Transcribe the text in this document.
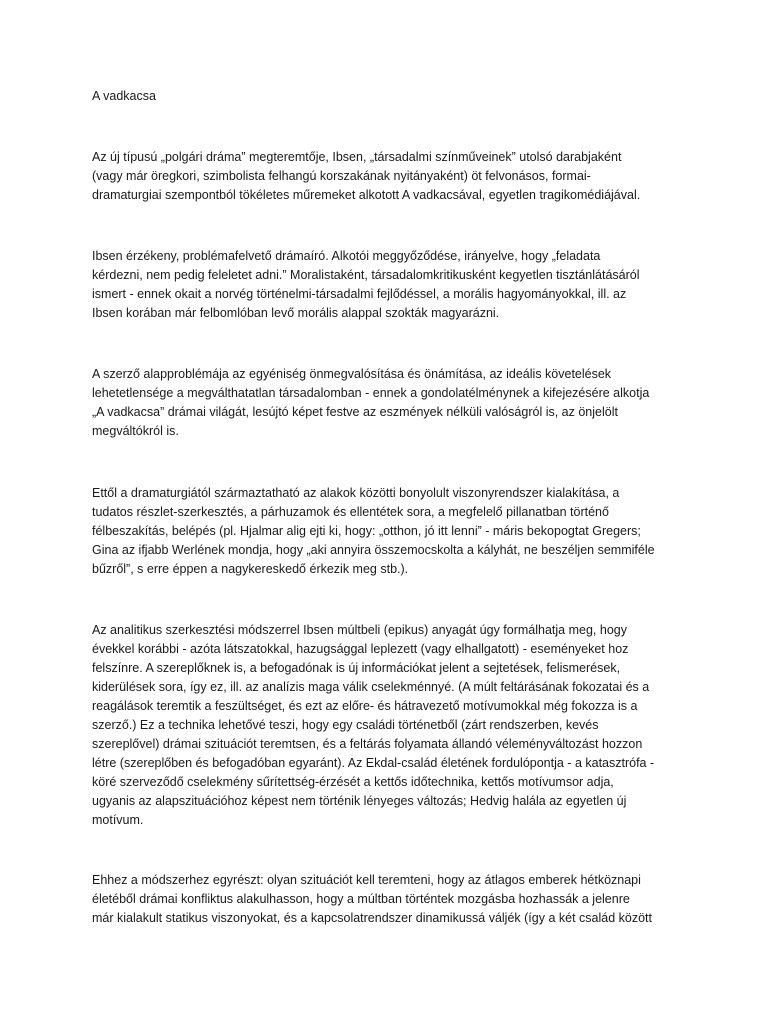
A vadkacsa

Az új típusú „polgári dráma” megteremtője, Ibsen, „társadalmi színműveinek” utolsó darabjaként
(vagy már öregkori, szimbolista felhangú korszakának nyitányaként) öt felvonásos, formai-
dramaturgiai szempontból tökéletes műremeket alkotott A vadkacsával, egyetlen tragikomédiájával.

Ibsen érzékeny, problémafelvető drámaíró. Alkotói meggyőződése, irányelve, hogy „feladata
kérdezni, nem pedig feleletet adni.” Moralistaként, társadalomkritikusként kegyetlen tisztánlátásáról
ismert - ennek okait a norvég történelmi-társadalmi fejlődéssel, a morális hagyományokkal, ill. az
Ibsen korában már felbomlóban levő morális alappal szokták magyarázni.

A szerző alapproblémája az egyéniség önmegvalósítása és önámítása, az ideális követelések
lehetetlensége a megválthatatlan társadalomban - ennek a gondolatélménynek a kifejezésére alkotja
„A vadkacsa” drámai világát, lesújtó képet festve az eszmények nélküli valóságról is, az önjelölt
megváltókról is.

Ettől a dramaturgiától származtatható az alakok közötti bonyolult viszonyrendszer kialakítása, a
tudatos részlet-szerkesztés, a párhuzamok és ellentétek sora, a megfelelő pillanatban történő
félbeszakítás, belépés (pl. Hjalmar alig ejti ki, hogy: „otthon, jó itt lenni” - máris bekopogtat Gregers;
Gina az ifjabb Werlének mondja, hogy „aki annyira összemocskolta a kályhát, ne beszéljen semmiféle
bűzről”, s erre éppen a nagykereskedő érkezik meg stb.).

Az analitikus szerkesztési módszerrel Ibsen múltbeli (epikus) anyagát úgy formálhatja meg, hogy
évekkel korábbi - azóta látszatokkal, hazugsággal leplezett (vagy elhallgatott) - eseményeket hoz
felszínre. A szereplőknek is, a befogadónak is új információkat jelent a sejtetések, felismerések,
kiderülések sora, így ez, ill. az analízis maga válik cselekménnyé. (A múlt feltárásának fokozatai és a
reagálások teremtik a feszültséget, és ezt az előre- és hátravezető motívumokkal még fokozza is a
szerző.) Ez a technika lehetővé teszi, hogy egy családi történetből (zárt rendszerben, kevés
szereplővel) drámai szituációt teremtsen, és a feltárás folyamata állandó véleményváltozást hozzon
létre (szereplőben és befogadóban egyaránt). Az Ekdal-család életének fordulópontja - a katasztrófa -
köré szerveződő cselekmény sűrítettség-érzését a kettős időtechnika, kettős motívumsor adja,
ugyanis az alapszituációhoz képest nem történik lényeges változás; Hedvig halála az egyetlen új
motívum.

Ehhez a módszerhez egyrészt: olyan szituációt kell teremteni, hogy az átlagos emberek hétköznapi
életéből drámai konfliktus alakulhasson, hogy a múltban történtek mozgásba hozhassák a jelenre
már kialakult statikus viszonyokat, és a kapcsolatrendszer dinamikussá váljék (így a két család között
